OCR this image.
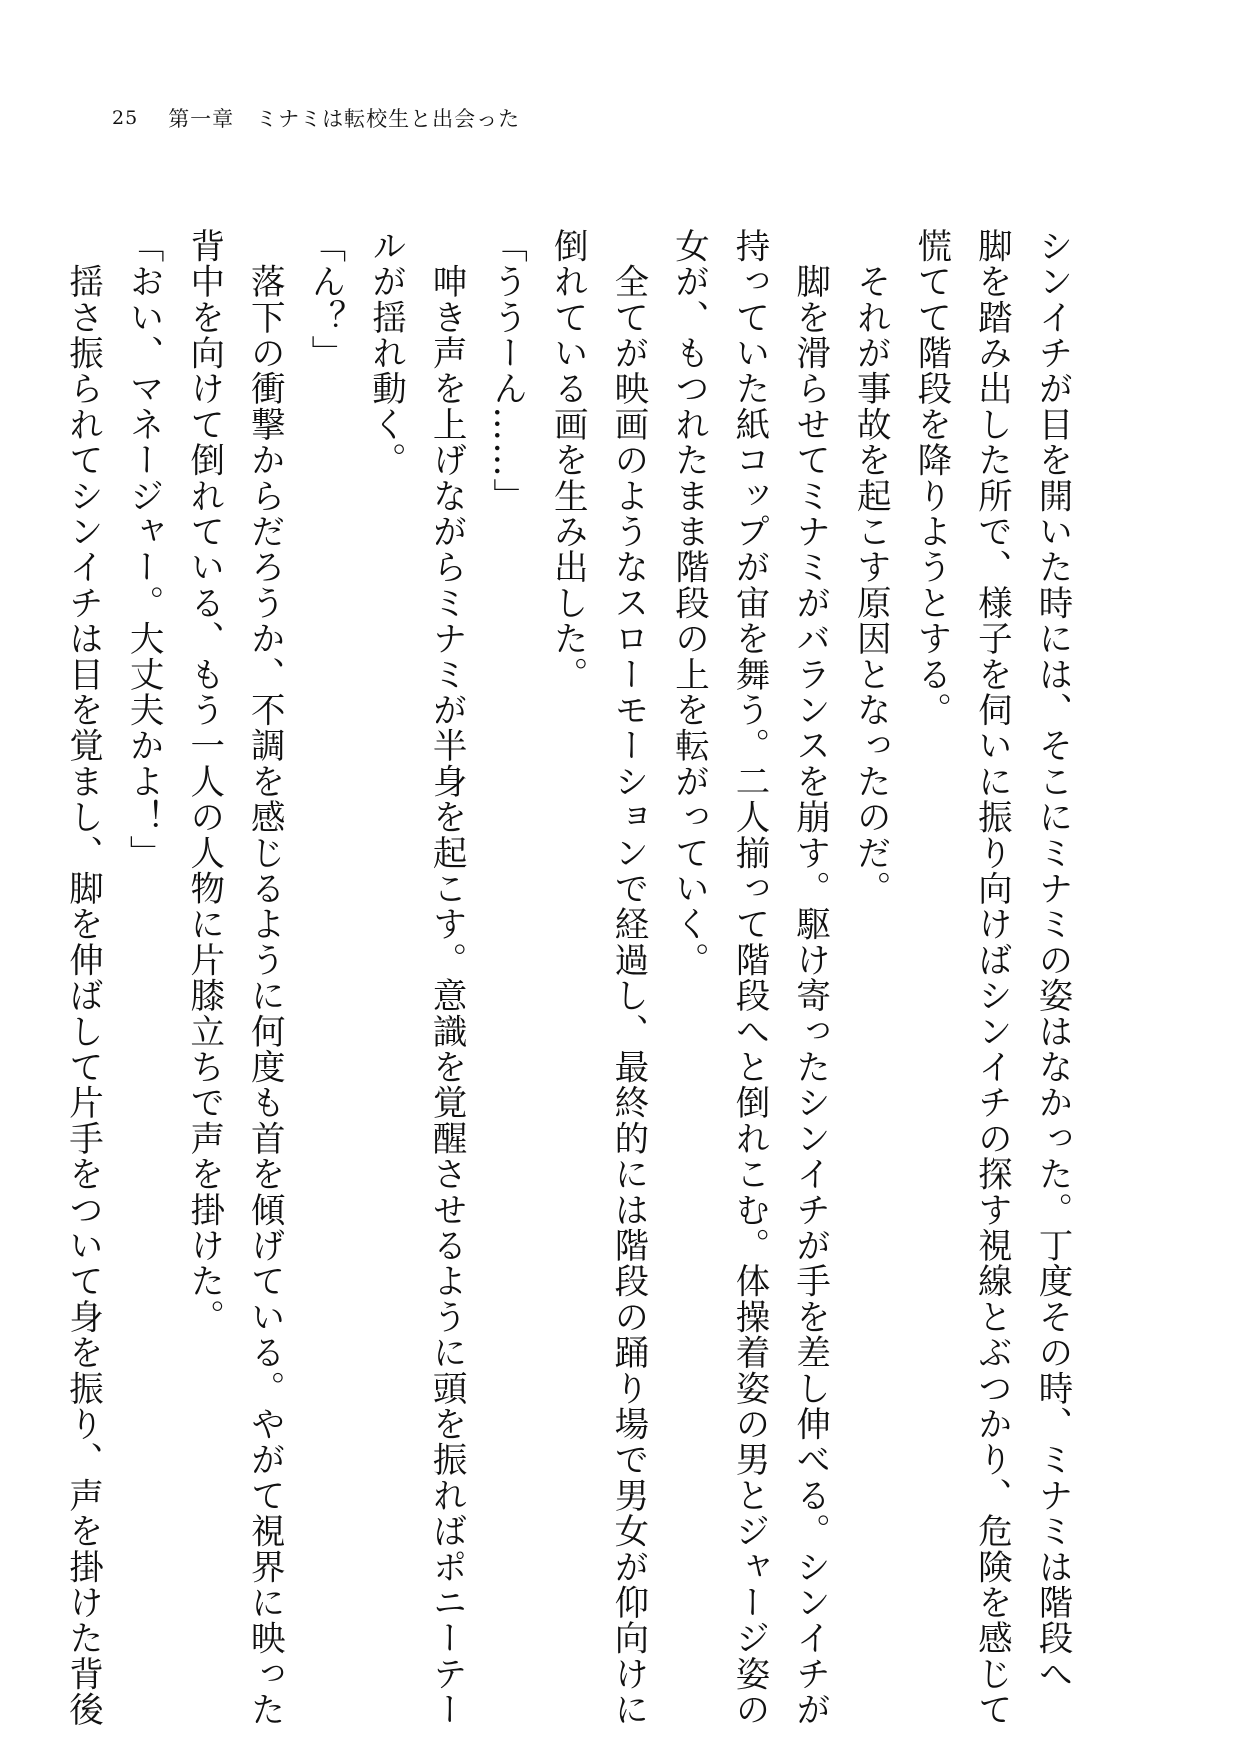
25 第一章　ミナミは転校生と出会った
シンイチが目を開いた時には、そこにミナミの姿はなかった。丁度その時、ミナミは階段へ
脚を踏み出した所で、様子を伺いに振り向けばシンイチの探す視線とぶつかり、危険を感じて
慌てて階段を降りようとする。
　それが事故を起こす原因となったのだ。
　脚を滑らせてミナミがバランスを崩す。駆け寄ったシンイチが手を差し伸べる。シンイチが
持っていた紙コップが宙を舞う。二人揃って階段へと倒れこむ。体操着姿の男とジャージ姿の
女が、もつれたまま階段の上を転がっていく。
　全てが映画のようなスローモーションで経過し、最終的には階段の踊り場で男女が仰向けに
倒れている画を生み出した。
「ううーん……」
　呻き声を上げながらミナミが半身を起こす。意識を覚醒させるように頭を振ればポニーテー
ルが揺れ動く。
「ん？」
　落下の衝撃からだろうか、不調を感じるように何度も首を傾げている。やがて視界に映った
背中を向けて倒れている、もう一人の人物に片膝立ちで声を掛けた。
「おい、マネージャー。大丈夫かよ！」
　揺さ振られてシンイチは目を覚まし、脚を伸ばして片手をついて身を振り、声を掛けた背後
